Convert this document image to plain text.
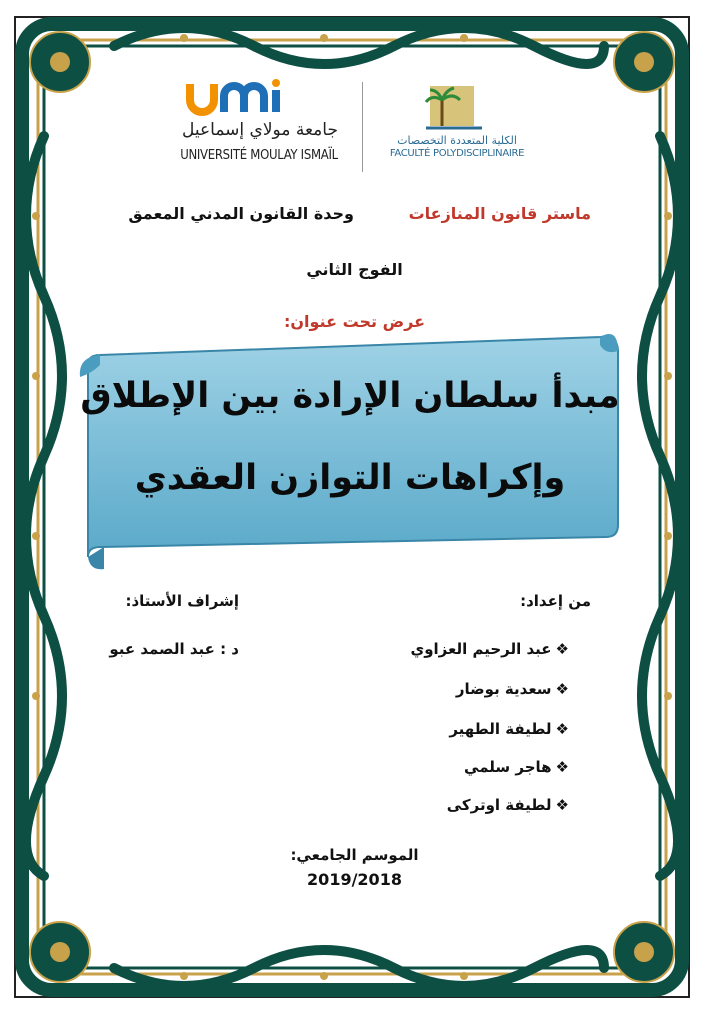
جامعة مولاي إسماعيل
UNIVERSITÉ MOULAY ISMAÏL
الكلية المتعددة التخصصات
FACULTÉ POLYDISCIPLINAIRE
ماستر قانون المنازعات
وحدة القانون المدني المعمق
الفوج الثاني
عرض تحت عنوان:
مبدأ سلطان الإرادة بين الإطلاق
وإكراهات التوازن العقدي
من إعداد:
إشراف الأستاذ:
د : عبد الصمد عبو	❖عبد الرحيم العزاوي
❖سعدية بوضار
❖لطيفة الطهير
❖هاجر سلمي
❖لطيفة اوتركى
الموسم الجامعي:
2019/2018
